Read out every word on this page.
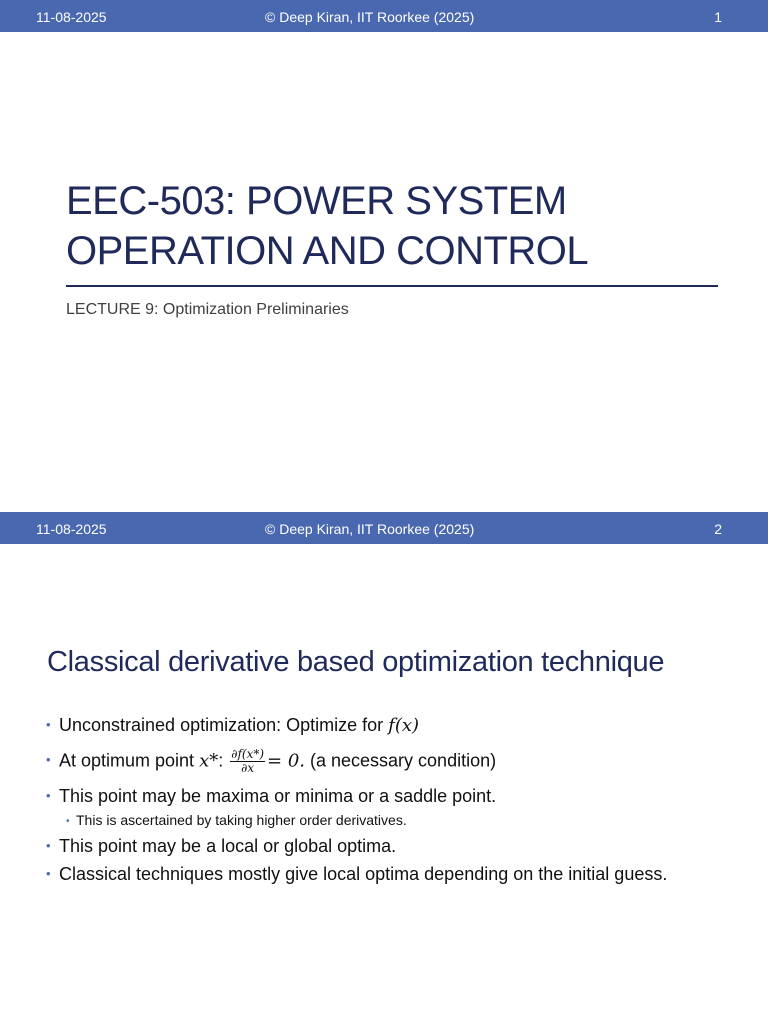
11-08-2025	© Deep Kiran, IIT Roorkee (2025)	1
EEC-503: POWER SYSTEM
OPERATION AND CONTROL
LECTURE 9: Optimization Preliminaries
11-08-2025	© Deep Kiran, IIT Roorkee (2025)	2
Classical derivative based optimization technique
• Unconstrained optimization: Optimize for f(x)
• At optimum point x*: $\frac{\partial f(x*)}{\partial x} = 0$. (a necessary condition)
• This point may be maxima or minima or a saddle point.
• This is ascertained by taking higher order derivatives.
• This point may be a local or global optima.
• Classical techniques mostly give local optima depending on the initial guess.
